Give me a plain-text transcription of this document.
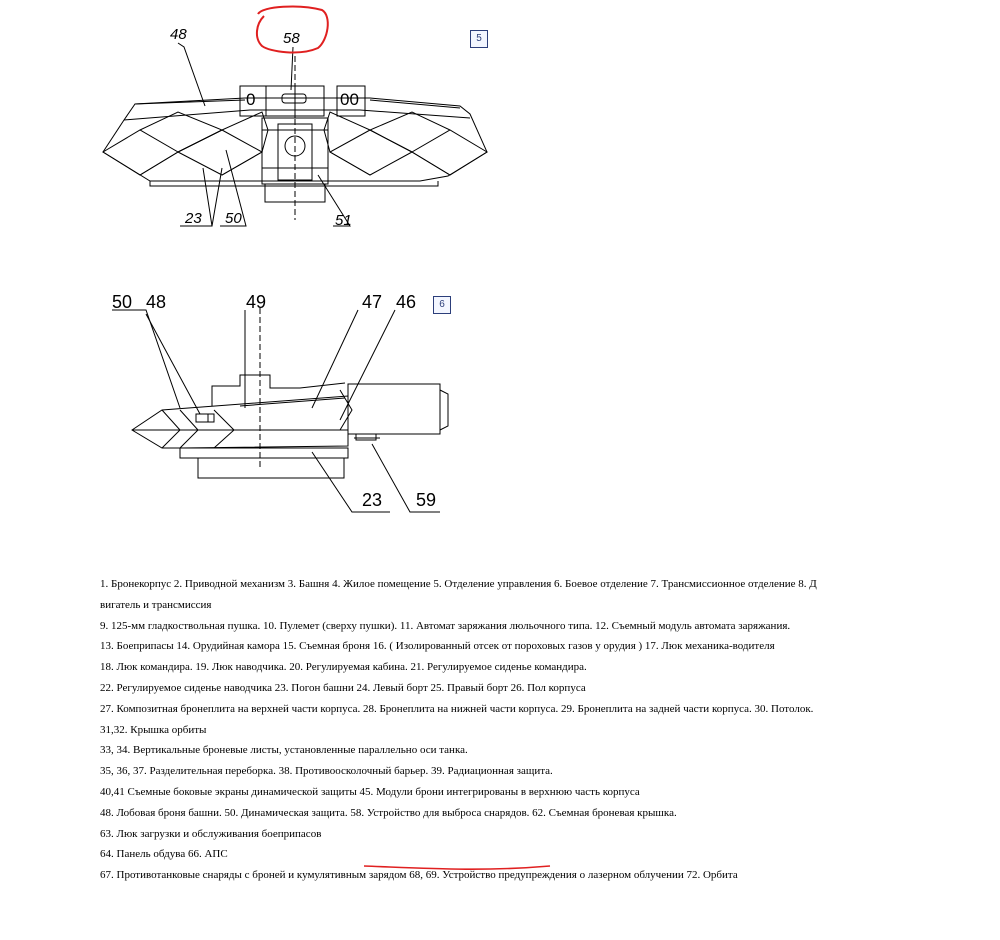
48	58
23 50	51
0	00
5
50 48	49	47 46
23 59
6

1. Бронекорпус 2. Приводной механизм 3. Башня 4. Жилое помещение 5. Отделение управления 6. Боевое отделение 7. Трансмиссионное отделение 8. Двигатель и трансмиссия

9. 125-мм гладкоствольная пушка. 10. Пулемет (сверху пушки). 11. Автомат заряжания люльочного типа. 12. Съемный модуль автомата заряжания.

13. Боеприпасы 14. Орудийная камора 15. Съемная броня 16. ( Изолированный отсек от пороховых газов у орудия ) 17. Люк механика-водителя

18. Люк командира. 19. Люк наводчика. 20. Регулируемая кабина. 21. Регулируемое сиденье командира.

22. Регулируемое сиденье наводчика 23. Погон башни 24. Левый борт 25. Правый борт 26. Пол корпуса

27. Композитная бронеплита на верхней части корпуса. 28. Бронеплита на нижней части корпуса. 29. Бронеплита на задней части корпуса. 30. Потолок.

31,32. Крышка орбиты

33, 34. Вертикальные броневые листы, установленные параллельно оси танка.

35, 36, 37. Разделительная переборка. 38. Противоосколочный барьер. 39. Радиационная защита.

40,41 Съемные боковые экраны динамической защиты 45. Модули брони интегрированы в верхнюю часть корпуса

48. Лобовая броня башни. 50. Динамическая защита. 58. Устройство для выброса снарядов. 62. Съемная броневая крышка.

63. Люк загрузки и обслуживания боеприпасов

64. Панель обдува 66. АПС

67. Противотанковые снаряды с броней и кумулятивным зарядом 68, 69. Устройство предупреждения о лазерном облучении 72. Орбита
